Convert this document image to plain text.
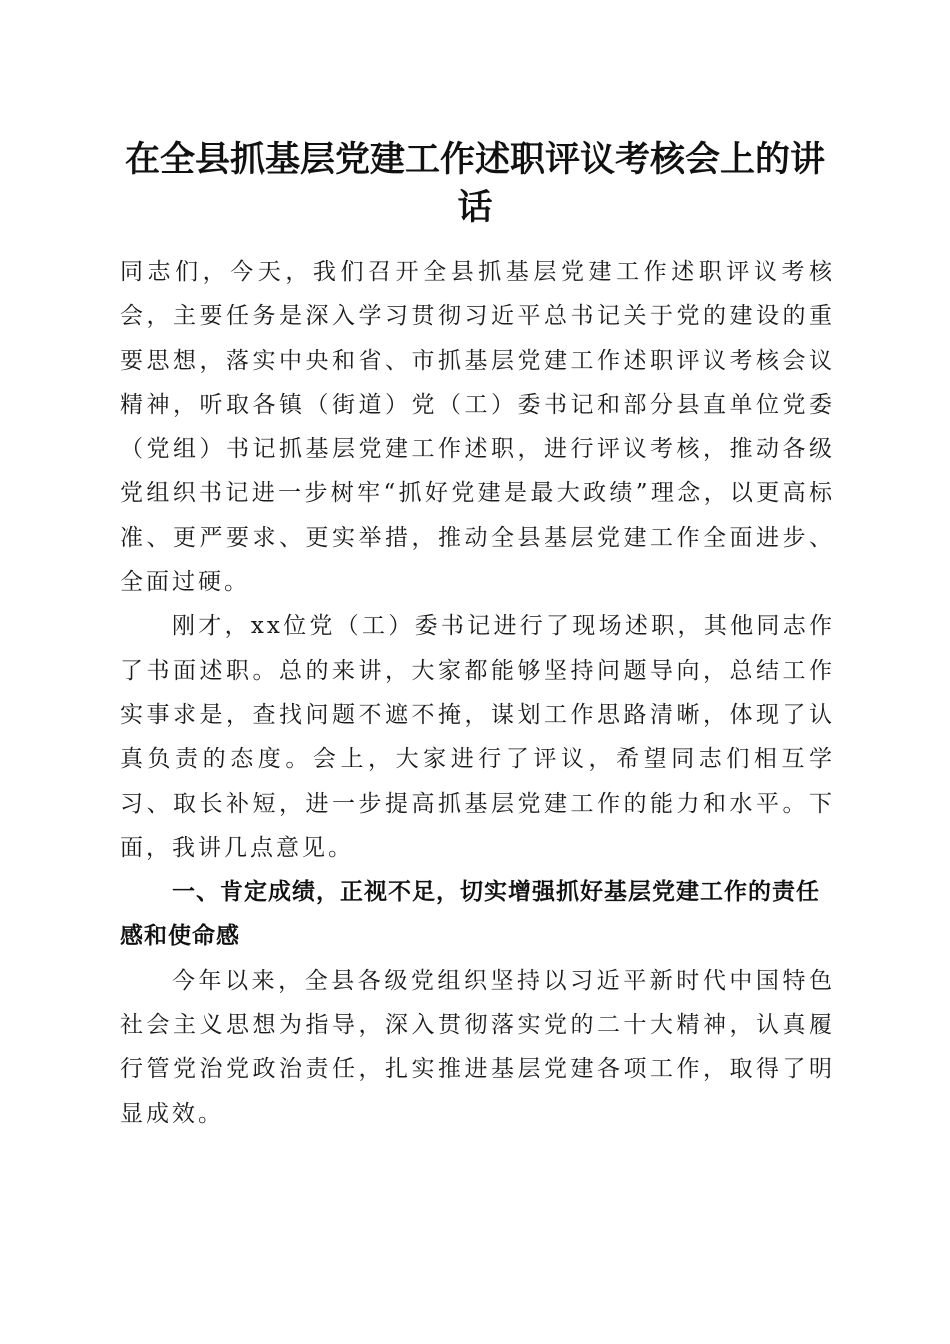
在全县抓基层党建工作述职评议考核会上的讲话

同志们，今天，我们召开全县抓基层党建工作述职评议考核会，主要任务是深入学习贯彻习近平总书记关于党的建设的重要思想，落实中央和省、市抓基层党建工作述职评议考核会议精神，听取各镇（街道）党（工）委书记和部分县直单位党委（党组）书记抓基层党建工作述职，进行评议考核，推动各级党组织书记进一步树牢“抓好党建是最大政绩”理念，以更高标准、更严要求、更实举措，推动全县基层党建工作全面进步、全面过硬。

刚才，xx位党（工）委书记进行了现场述职，其他同志作了书面述职。总的来讲，大家都能够坚持问题导向，总结工作实事求是，查找问题不遮不掩，谋划工作思路清晰，体现了认真负责的态度。会上，大家进行了评议，希望同志们相互学习、取长补短，进一步提高抓基层党建工作的能力和水平。下面，我讲几点意见。

一、肯定成绩，正视不足，切实增强抓好基层党建工作的责任感和使命感

今年以来，全县各级党组织坚持以习近平新时代中国特色社会主义思想为指导，深入贯彻落实党的二十大精神，认真履行管党治党政治责任，扎实推进基层党建各项工作，取得了明显成效。
